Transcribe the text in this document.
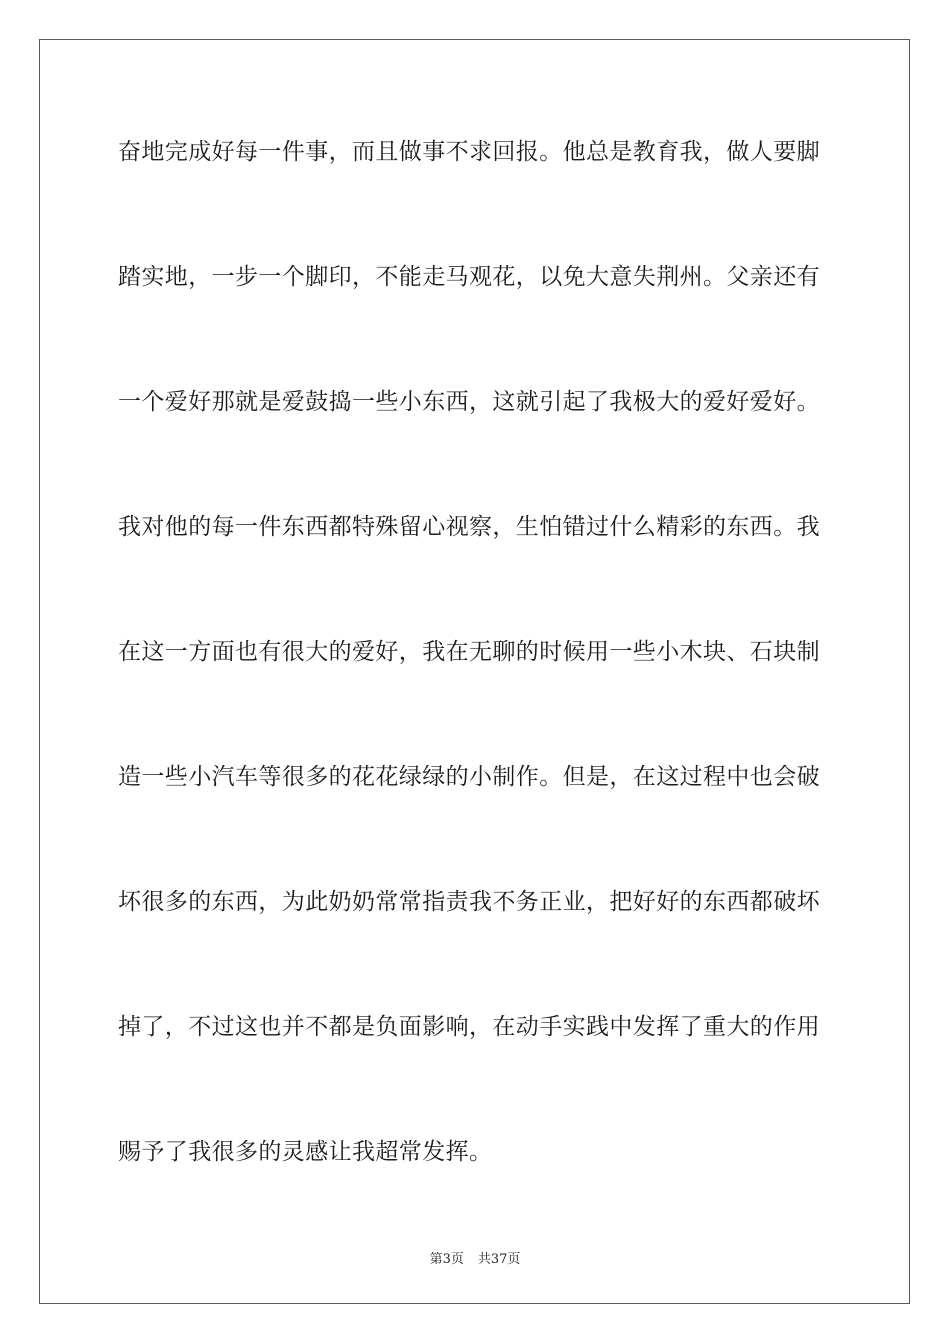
奋地完成好每一件事，而且做事不求回报。他总是教育我，做人要脚
踏实地，一步一个脚印，不能走马观花，以免大意失荆州。父亲还有
一个爱好那就是爱鼓捣一些小东西，这就引起了我极大的爱好爱好。
我对他的每一件东西都特殊留心视察，生怕错过什么精彩的东西。我
在这一方面也有很大的爱好，我在无聊的时候用一些小木块、石块制
造一些小汽车等很多的花花绿绿的小制作。但是，在这过程中也会破
坏很多的东西，为此奶奶常常指责我不务正业，把好好的东西都破坏
掉了，不过这也并不都是负面影响，在动手实践中发挥了重大的作用
赐予了我很多的灵感让我超常发挥。
第3页 共37页
